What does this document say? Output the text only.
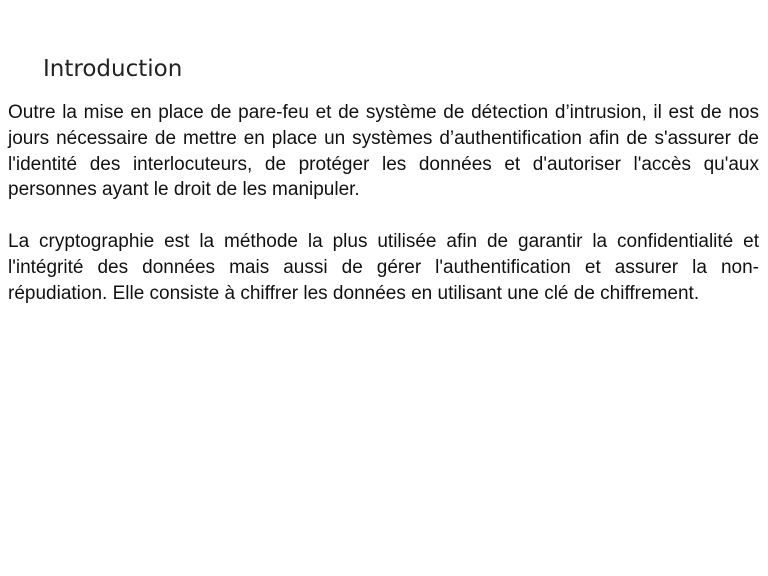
Introduction

Outre la mise en place de pare-feu et de système de détection d’intrusion, il est de nos jours nécessaire de mettre en place un systèmes d’authentification afin de s'assurer de l'identité des interlocuteurs, de protéger les données et d'autoriser l'accès qu'aux personnes ayant le droit de les manipuler.

La cryptographie est la méthode la plus utilisée afin de garantir la confidentialité et l'intégrité des données mais aussi de gérer l'authentification et assurer la non-répudiation. Elle consiste à chiffrer les données en utilisant une clé de chiffrement.
